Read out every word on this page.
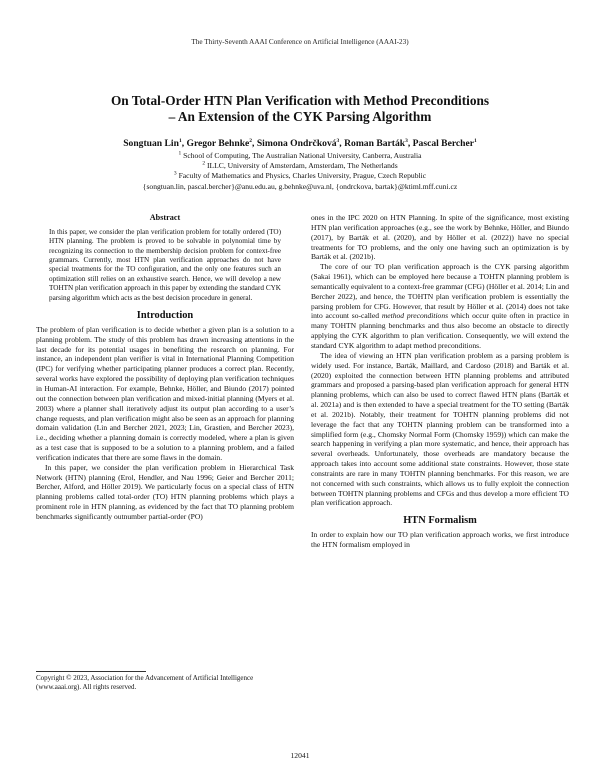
The Thirty-Seventh AAAI Conference on Artificial Intelligence (AAAI-23)
On Total-Order HTN Plan Verification with Method Preconditions
– An Extension of the CYK Parsing Algorithm
Songtuan Lin$^1$, Gregor Behnke$^2$, Simona Ondrčková$^3$, Roman Barták$^3$, Pascal Bercher$^1$
$^1$ School of Computing, The Australian National University, Canberra, Australia
$^2$ ILLC, University of Amsterdam, Amsterdam, The Netherlands
$^3$ Faculty of Mathematics and Physics, Charles University, Prague, Czech Republic
{songtuan.lin, pascal.bercher}@anu.edu.au, g.behnke@uva.nl, {ondrckova, bartak}@ktiml.mff.cuni.cz
Abstract

In this paper, we consider the plan verification problem for totally ordered (TO) HTN planning. The problem is proved to be solvable in polynomial time by recognizing its connection to the membership decision problem for context-free grammars. Currently, most HTN plan verification approaches do not have special treatments for the TO configuration, and the only one features such an optimization still relies on an exhaustive search. Hence, we will develop a new TOHTN plan verification approach in this paper by extending the standard CYK parsing algorithm which acts as the best decision procedure in general.

Introduction

The problem of plan verification is to decide whether a given plan is a solution to a planning problem. The study of this problem has drawn increasing attentions in the last decade for its potential usages in benefiting the research on planning. For instance, an independent plan verifier is vital in International Planning Competition (IPC) for verifying whether participating planner produces a correct plan. Recently, several works have explored the possibility of deploying plan verification techniques in Human-AI interaction. For example, Behnke, Höller, and Biundo (2017) pointed out the connection between plan verification and mixed-initial planning (Myers et al. 2003) where a planner shall iteratively adjust its output plan according to a user’s change requests, and plan verification might also be seen as an approach for planning domain validation (Lin and Bercher 2021, 2023; Lin, Grastien, and Bercher 2023), i.e., deciding whether a planning domain is correctly modeled, where a plan is given as a test case that is supposed to be a solution to a planning problem, and a failed verification indicates that there are some flaws in the domain.

In this paper, we consider the plan verification problem in Hierarchical Task Network (HTN) planning (Erol, Hendler, and Nau 1996; Geier and Bercher 2011; Bercher, Alford, and Höller 2019). We particularly focus on a special class of HTN planning problems called total-order (TO) HTN planning problems which plays a prominent role in HTN planning, as evidenced by the fact that TO planning problem benchmarks significantly outnumber partial-order (PO)

Copyright © 2023, Association for the Advancement of Artificial Intelligence (www.aaai.org). All rights reserved.

ones in the IPC 2020 on HTN Planning. In spite of the significance, most existing HTN plan verification approaches (e.g., see the work by Behnke, Höller, and Biundo (2017), by Barták et al. (2020), and by Höller et al. (2022)) have no special treatments for TO problems, and the only one having such an optimization is by Barták et al. (2021b).

The core of our TO plan verification approach is the CYK parsing algorithm (Sakai 1961), which can be employed here because a TOHTN planning problem is semantically equivalent to a context-free grammar (CFG) (Höller et al. 2014; Lin and Bercher 2022), and hence, the TOHTN plan verification problem is essentially the parsing problem for CFG. However, that result by Höller et al. (2014) does not take into account so-called method preconditions which occur quite often in practice in many TOHTN planning benchmarks and thus also become an obstacle to directly applying the CYK algorithm to plan verification. Consequently, we will extend the standard CYK algorithm to adapt method preconditions.

The idea of viewing an HTN plan verification problem as a parsing problem is widely used. For instance, Barták, Maillard, and Cardoso (2018) and Barták et al. (2020) exploited the connection between HTN planning problems and attributed grammars and proposed a parsing-based plan verification approach for general HTN planning problems, which can also be used to correct flawed HTN plans (Barták et al. 2021a) and is then extended to have a special treatment for the TO setting (Barták et al. 2021b). Notably, their treatment for TOHTN planning problems did not leverage the fact that any TOHTN planning problem can be transformed into a simplified form (e.g., Chomsky Normal Form (Chomsky 1959)) which can make the search happening in verifying a plan more systematic, and hence, their approach has several overheads. Unfortunately, those overheads are mandatory because the approach takes into account some additional state constraints. However, those state constraints are rare in many TOHTN planning benchmarks. For this reason, we are not concerned with such constraints, which allows us to fully exploit the connection between TOHTN planning problems and CFGs and thus develop a more efficient TO plan verification approach.

HTN Formalism

In order to explain how our TO plan verification approach works, we first introduce the HTN formalism employed in

12041
